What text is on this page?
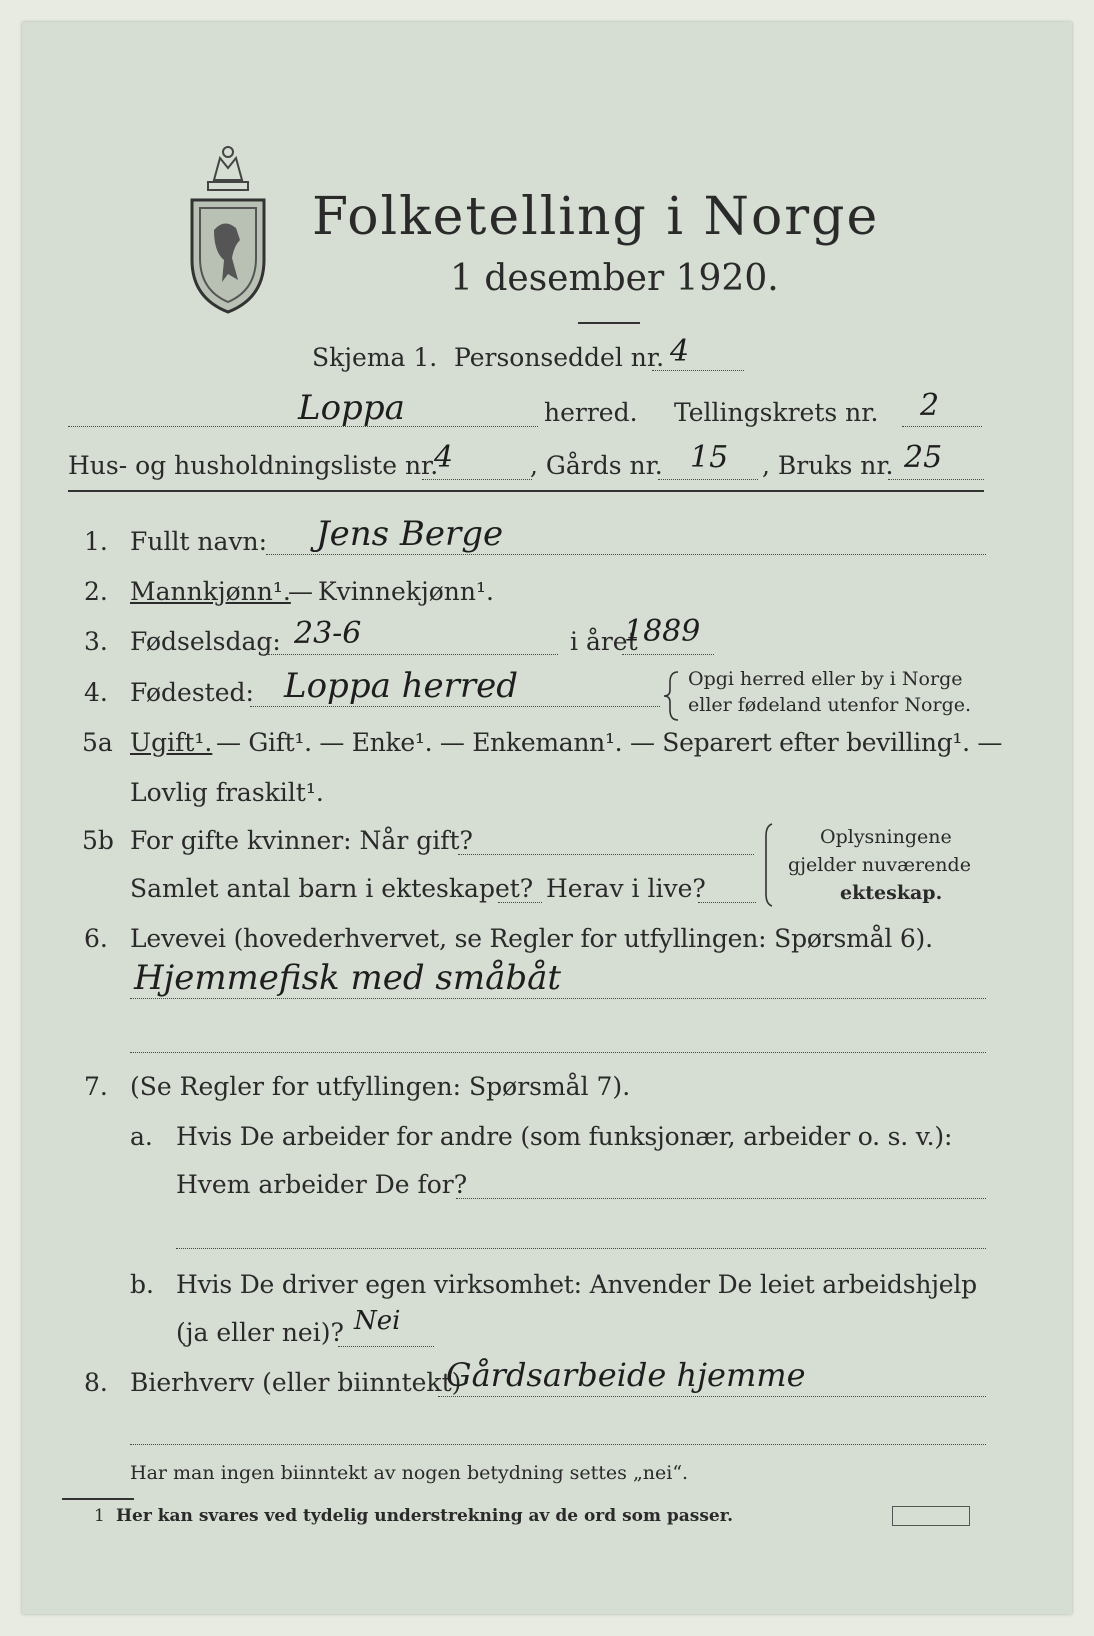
Folketelling i Norge
1 desember 1920.
Skjema 1. Personseddel nr. 4
Loppa	herred. Tellingskrets nr. 2
Hus- og husholdningsliste nr.
4	, Gårds nr. 15 , Bruks nr. 25
1. Fullt navn: Jens Berge
2. Mannkjønn¹.
— Kvinnekjønn¹.
3. Fødselsdag: 23-6	i året
1889
4. Fødested: Loppa herred	Opgi herred eller by i Norge
eller fødeland utenfor Norge.
5a Ugift¹. — Gift¹. — Enke¹. — Enkemann¹. — Separert efter bevilling¹. —
Lovlig fraskilt¹.
5b For gifte kvinner: Når gift?
Samlet antal barn i ekteskapet? Herav i live?
Oplysningene
gjelder nuværende
ekteskap.
6. Levevei (hovederhvervet, se Regler for utfyllingen: Spørsmål 6).
Hjemmefisk med småbåt
7. (Se Regler for utfyllingen: Spørsmål 7).
a. Hvis De arbeider for andre (som funksjonær, arbeider o. s. v.):
Hvem arbeider De for?
b. Hvis De driver egen virksomhet: Anvender De leiet arbeidshjelp
(ja eller nei)? Nei
8. Bierhverv (eller biinntekt)
Gårdsarbeide hjemme
Har man ingen biinntekt av nogen betydning settes „nei“.
1 Her kan svares ved tydelig understrekning av de ord som passer.
